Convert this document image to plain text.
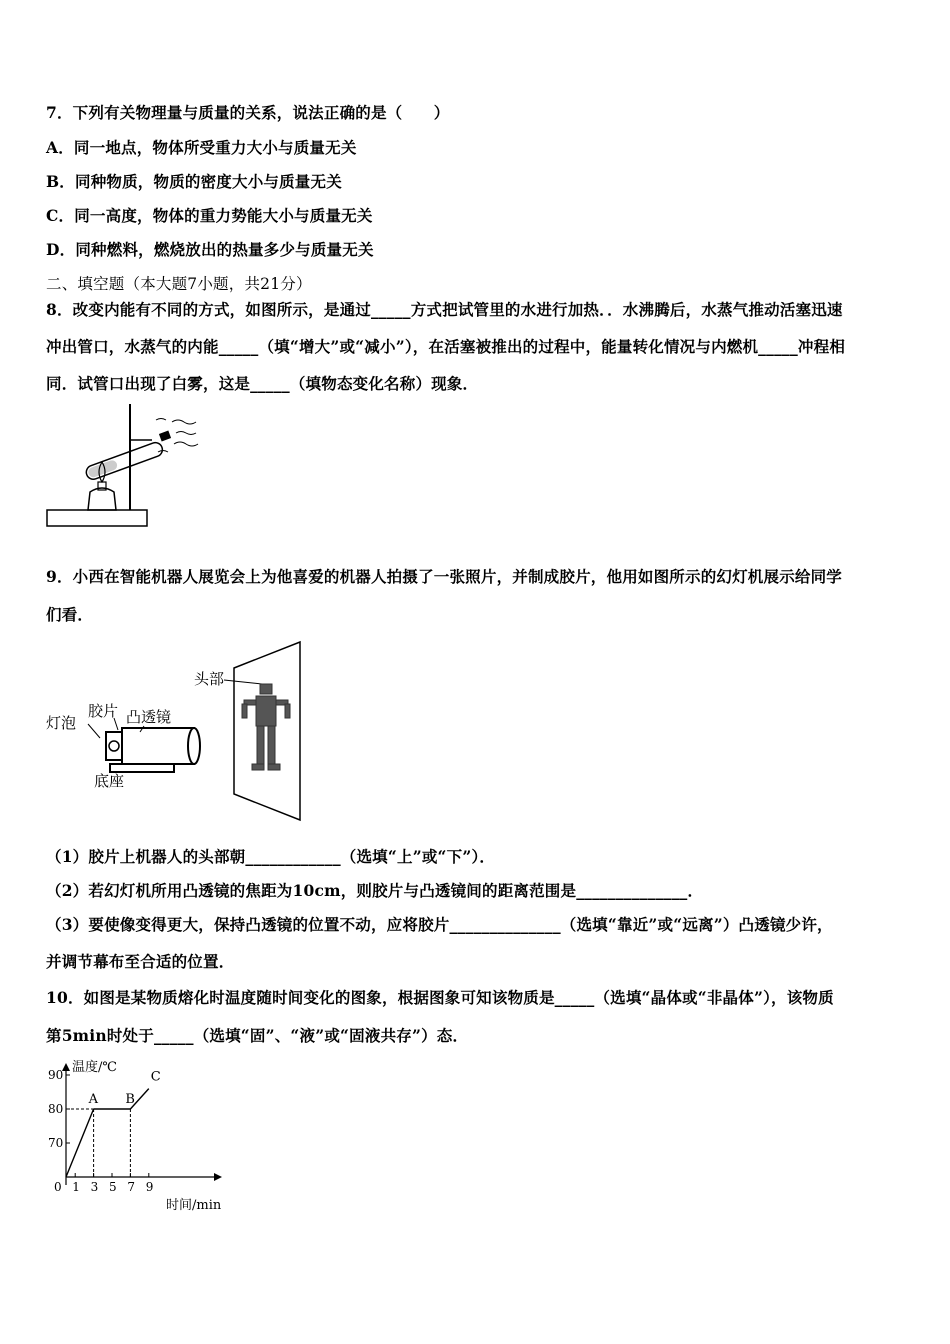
7．下列有关物理量与质量的关系，说法正确的是（　　）
A．同一地点，物体所受重力大小与质量无关
B．同种物质，物质的密度大小与质量无关
C．同一高度，物体的重力势能大小与质量无关
D．同种燃料，燃烧放出的热量多少与质量无关
二、填空题（本大题7小题，共21分）
8．改变内能有不同的方式，如图所示，是通过_____方式把试管里的水进行加热．．水沸腾后，水蒸气推动活塞迅速
冲出管口，水蒸气的内能_____（填“增大”或“减小”），在活塞被推出的过程中，能量转化情况与内燃机_____冲程相
同．试管口出现了白雾，这是_____（填物态变化名称）现象．
9．小西在智能机器人展览会上为他喜爱的机器人拍摄了一张照片，并制成胶片，他用如图所示的幻灯机展示给同学
们看．
灯泡
胶片 凸透镜
底座
头部
（1）胶片上机器人的头部朝____________（选填“上”或“下”）．
（2）若幻灯机所用凸透镜的焦距为10cm，则胶片与凸透镜间的距离范围是______________．
（3）要使像变得更大，保持凸透镜的位置不动，应将胶片______________（选填“靠近”或“远离”）凸透镜少许，
并调节幕布至合适的位置．
10．如图是某物质熔化时温度随时间变化的图象，根据图象可知该物质是_____（选填“晶体或“非晶体”），该物质
第5min时处于_____（选填“固”、“液”或“固液共存”）态．
温度/℃
时间/min
0 1 3 5 7 9
70
80
90
A B
C
